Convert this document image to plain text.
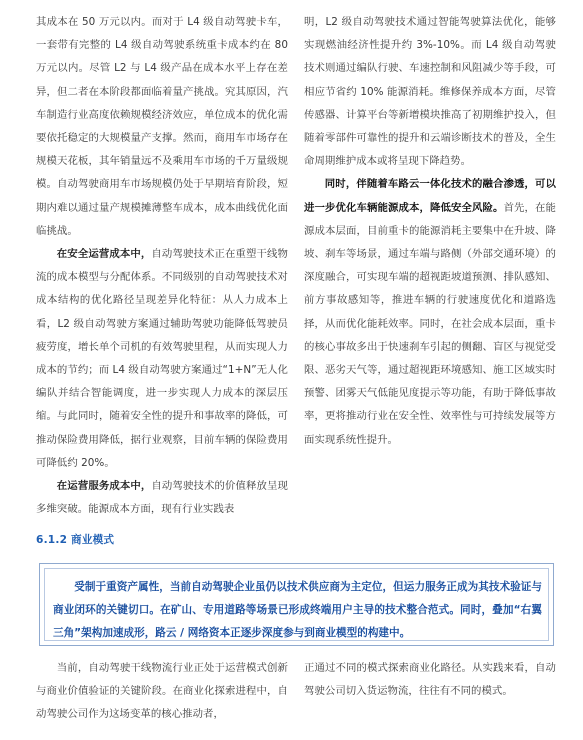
其成本在 50 万元以内。而对于 L4 级自动驾驶卡车，一套带有完整的 L4 级自动驾驶系统重卡成本约在 80 万元以内。尽管 L2 与 L4 级产品在成本水平上存在差异，但二者在本阶段都面临着量产挑战。究其原因，汽车制造行业高度依赖规模经济效应，单位成本的优化需要依托稳定的大规模量产支撑。然而，商用车市场存在规模天花板，其年销量远不及乘用车市场的千万量级规模。自动驾驶商用车市场规模仍处于早期培育阶段，短期内难以通过量产规模摊薄整车成本，成本曲线优化面临挑战。

在安全运营成本中，自动驾驶技术正在重塑干线物流的成本模型与分配体系。不同级别的自动驾驶技术对成本结构的优化路径呈现差异化特征：从人力成本上看，L2 级自动驾驶方案通过辅助驾驶功能降低驾驶员疲劳度，增长单个司机的有效驾驶里程，从而实现人力成本的节约；而 L4 级自动驾驶方案通过“1+N”无人化编队并结合智能调度，进一步实现人力成本的深层压缩。与此同时，随着安全性的提升和事故率的降低，可推动保险费用降低，据行业观察，目前车辆的保险费用可降低约 20%。

在运营服务成本中，自动驾驶技术的价值释放呈现多维突破。能源成本方面，现有行业实践表

明，L2 级自动驾驶技术通过智能驾驶算法优化，能够实现燃油经济性提升约 3%-10%。而 L4 级自动驾驶技术则通过编队行驶、车速控制和风阻减少等手段，可相应节省约 10% 能源消耗。维修保养成本方面，尽管传感器、计算平台等新增模块推高了初期维护投入，但随着零部件可靠性的提升和云端诊断技术的普及，全生命周期维护成本或将呈现下降趋势。

同时，伴随着车路云一体化技术的融合渗透，可以进一步优化车辆能源成本，降低安全风险。首先，在能源成本层面，目前重卡的能源消耗主要集中在升坡、降坡、刹车等场景，通过车端与路侧（外部交通环境）的深度融合，可实现车端的超视距坡道预测、排队感知、前方事故感知等，推进车辆的行驶速度优化和道路选择，从而优化能耗效率。同时，在社会成本层面，重卡的核心事故多出于快速刹车引起的侧翻、盲区与视觉受限、恶劣天气等，通过超视距环境感知、施工区域实时预警、团雾天气低能见度提示等功能，有助于降低事故率，更将推动行业在安全性、效率性与可持续发展等方面实现系统性提升。

6.1.2 商业模式

受制于重资产属性，当前自动驾驶企业虽仍以技术供应商为主定位，但运力服务正成为其技术验证与商业闭环的关键切口。在矿山、专用道路等场景已形成终端用户主导的技术整合范式。同时，叠加“右翼三角”架构加速成形，路云 / 网络资本正逐步深度参与到商业模型的构建中。

当前，自动驾驶干线物流行业正处于运营模式创新与商业价值验证的关键阶段。在商业化探索进程中，自动驾驶公司作为这场变革的核心推动者，

正通过不同的模式探索商业化路径。从实践来看，自动驾驶公司切入货运物流，往往有不同的模式。
